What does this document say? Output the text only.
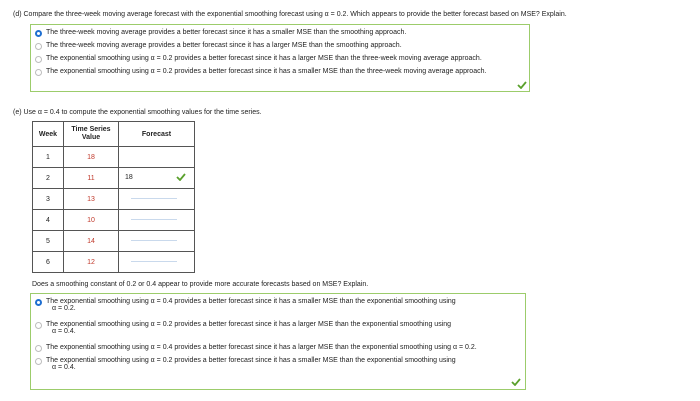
(d) Compare the three-week moving average forecast with the exponential smoothing forecast using α = 0.2. Which appears to provide the better forecast based on MSE? Explain.
The three-week moving average provides a better forecast since it has a smaller MSE than the smoothing approach.
The three-week moving average provides a better forecast since it has a larger MSE than the smoothing approach.
The exponential smoothing using α = 0.2 provides a better forecast since it has a larger MSE than the three-week moving average approach.
The exponential smoothing using α = 0.2 provides a better forecast since it has a smaller MSE than the three-week moving average approach.
(e) Use α = 0.4 to compute the exponential smoothing values for the time series.
Week	Time Series Value	Forecast
1	18	
2	11	18

3	13	

4	10	

5	14	

6	12	
Does a smoothing constant of 0.2 or 0.4 appear to provide more accurate forecasts based on MSE? Explain.
The exponential smoothing using α = 0.4 provides a better forecast since it has a smaller MSE than the exponential smoothing using
α = 0.2.
The exponential smoothing using α = 0.2 provides a better forecast since it has a larger MSE than the exponential smoothing using
α = 0.4.
The exponential smoothing using α = 0.4 provides a better forecast since it has a larger MSE than the exponential smoothing using α = 0.2.
The exponential smoothing using α = 0.2 provides a better forecast since it has a smaller MSE than the exponential smoothing using
α = 0.4.
